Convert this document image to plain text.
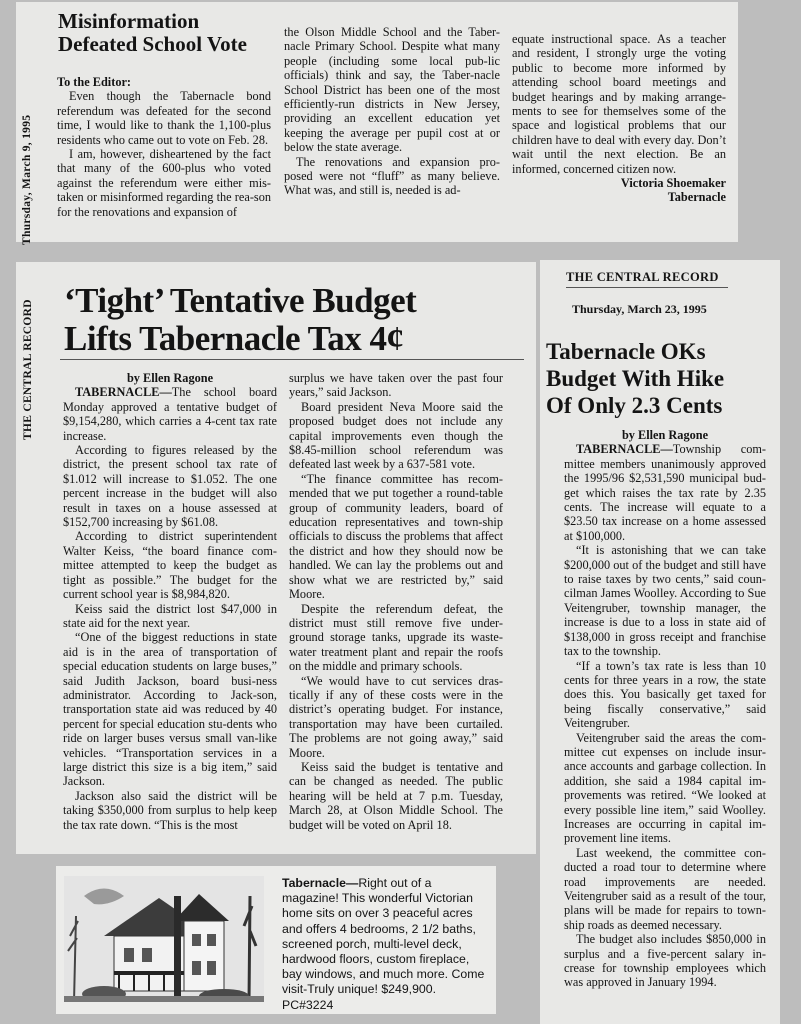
Thursday, March 9, 1995
Misinformation
Defeated School Vote

To the Editor:

Even though the Tabernacle bond referendum was defeated for the second time, I would like to thank the 1,100-plus residents who came out to vote on Feb. 28.

I am, however, disheartened by the fact that many of the 600-plus who voted against the referendum were either mis-taken or misinformed regarding the rea-son for the renovations and expansion of

the Olson Middle School and the Taber-nacle Primary School. Despite what many people (including some local pub-lic officials) think and say, the Taber-nacle School District has been one of the most efficiently-run districts in New Jersey, providing an excellent education yet keeping the average per pupil cost at or below the state average.

The renovations and expansion pro-posed were not “fluff” as many believe. What was, and still is, needed is ad-

equate instructional space. As a teacher and resident, I strongly urge the voting public to become more informed by attending school board meetings and budget hearings and by making arrange-ments to see for themselves some of the space and logistical problems that our children have to deal with every day. Don’t wait until the next election. Be an informed, concerned citizen now.

Victoria Shoemaker

Tabernacle

THE CENTRAL RECORD ‘Tight’ Tentative Budget
Lifts Tabernacle Tax 4¢

by Ellen Ragone

TABERNACLE—The school board Monday approved a tentative budget of $9,154,280, which carries a 4-cent tax rate increase.

According to figures released by the district, the present school tax rate of $1.012 will increase to $1.052. The one percent increase in the budget will also result in taxes on a house assessed at $152,700 increasing by $61.08.

According to district superintendent Walter Keiss, “the board finance com-mittee attempted to keep the budget as tight as possible.” The budget for the current school year is $8,984,820.

Keiss said the district lost $47,000 in state aid for the next year.

“One of the biggest reductions in state aid is in the area of transportation of special education students on large buses,” said Judith Jackson, board busi-ness administrator. According to Jack-son, transportation state aid was reduced by 40 percent for special education stu-dents who ride on larger buses versus small van-like vehicles. “Transportation services in a large district this size is a big item,” said Jackson.

Jackson also said the district will be taking $350,000 from surplus to help keep the tax rate down. “This is the most

surplus we have taken over the past four years,” said Jackson.

Board president Neva Moore said the proposed budget does not include any capital improvements even though the $8.45-million school referendum was defeated last week by a 637-581 vote.

“The finance committee has recom-mended that we put together a round-table group of community leaders, board of education representatives and town-ship officials to discuss the problems that affect the district and how they should now be handled. We can lay the problems out and show what we are restricted by,” said Moore.

Despite the referendum defeat, the district must still remove five under-ground storage tanks, upgrade its waste-water treatment plant and repair the roofs on the middle and primary schools.

“We would have to cut services dras-tically if any of these costs were in the district’s operating budget. For instance, transportation may have been curtailed. The problems are not going away,” said Moore.

Keiss said the budget is tentative and can be changed as needed. The public hearing will be held at 7 p.m. Tuesday, March 28, at Olson Middle School. The budget will be voted on April 18.

THE CENTRAL RECORD
Thursday, March 23, 1995
Tabernacle OKs
Budget With Hike
Of Only 2.3 Cents

by Ellen Ragone

TABERNACLE—Township com-mittee members unanimously approved the 1995/96 $2,531,590 municipal bud-get which raises the tax rate by 2.35 cents. The increase will equate to a $23.50 tax increase on a home assessed at $100,000.

“It is astonishing that we can take $200,000 out of the budget and still have to raise taxes by two cents,” said coun-cilman James Woolley. According to Sue Veitengruber, township manager, the increase is due to a loss in state aid of $138,000 in gross receipt and franchise tax to the township.

“If a town’s tax rate is less than 10 cents for three years in a row, the state does this. You basically get taxed for being fiscally conservative,” said Veitengruber.

Veitengruber said the areas the com-mittee cut expenses on include insur-ance accounts and garbage collection. In addition, she said a 1984 capital im-provements was retired. “We looked at every possible line item,” said Woolley. Increases are occurring in capital im-provement line items.

Last weekend, the committee con-ducted a road tour to determine where road improvements are needed. Veitengruber said as a result of the tour, plans will be made for repairs to town-ship roads as deemed necessary.

The budget also includes $850,000 in surplus and a five-percent salary in-crease for township employees which was approved in January 1994.

Tabernacle—Right out of a magazine! This wonderful Victorian home sits on over 3 peaceful acres and offers 4 bedrooms, 2 1/2 baths, screened porch, multi-level deck, hardwood floors, custom fireplace, bay windows, and much more. Come visit-Truly unique! $249,900. PC#3224
